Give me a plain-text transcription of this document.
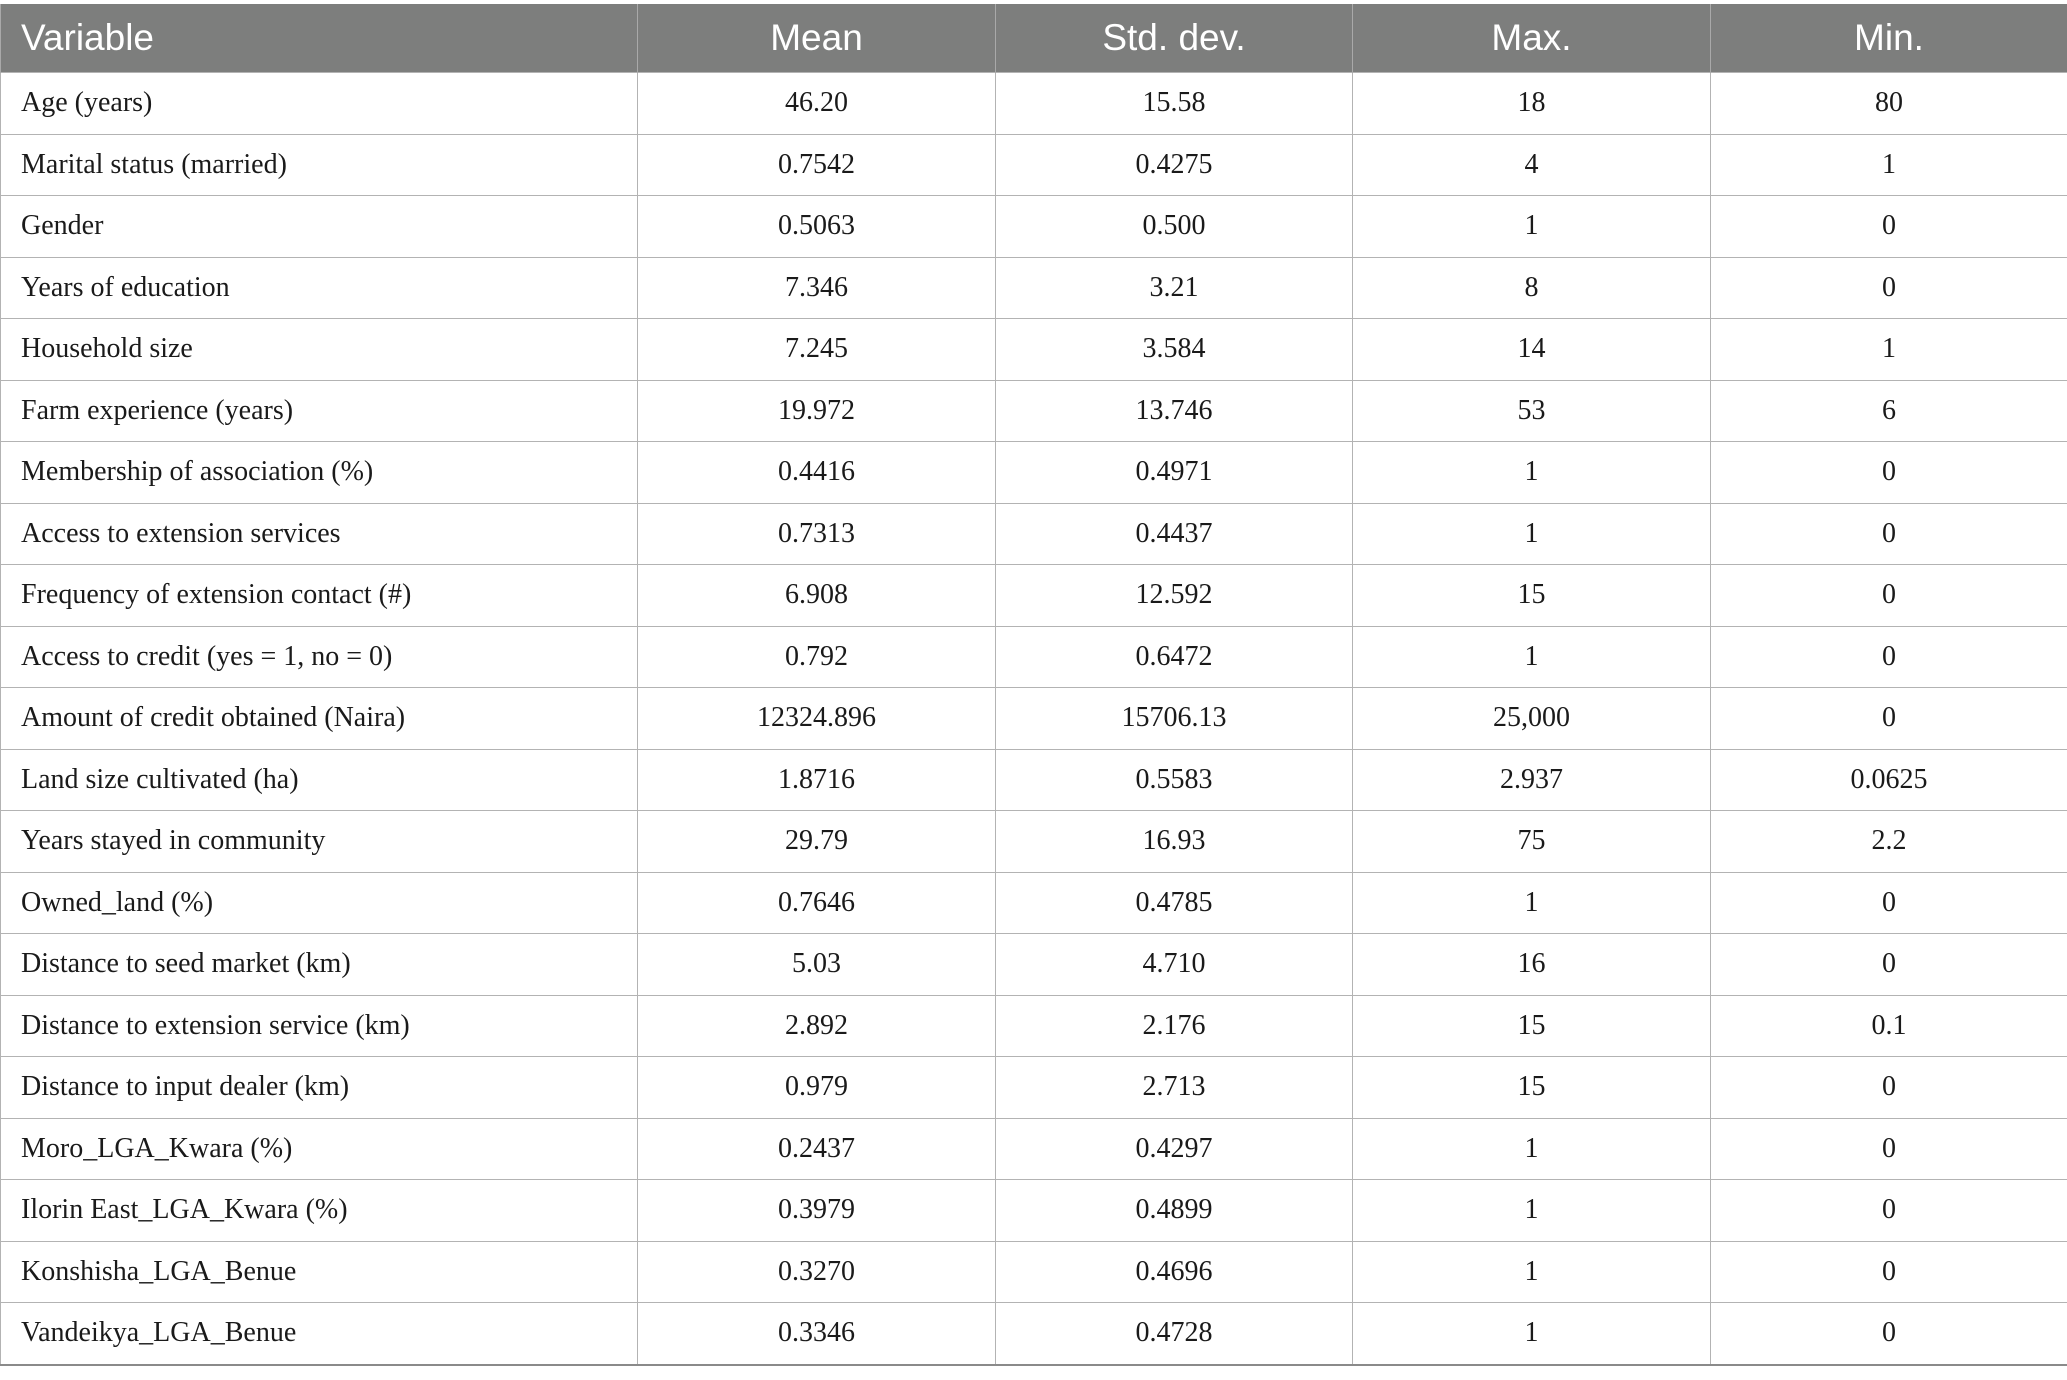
Variable	Mean	Std. dev.	Max.	Min.
Age (years)	46.20	15.58	18	80
Marital status (married)	0.7542	0.4275	4	1
Gender	0.5063	0.500	1	0
Years of education	7.346	3.21	8	0
Household size	7.245	3.584	14	1
Farm experience (years)	19.972	13.746	53	6
Membership of association (%)	0.4416	0.4971	1	0
Access to extension services	0.7313	0.4437	1	0
Frequency of extension contact (#)	6.908	12.592	15	0
Access to credit (yes = 1, no = 0)	0.792	0.6472	1	0
Amount of credit obtained (Naira)	12324.896	15706.13	25,000	0
Land size cultivated (ha)	1.8716	0.5583	2.937	0.0625
Years stayed in community	29.79	16.93	75	2.2
Owned_land (%)	0.7646	0.4785	1	0
Distance to seed market (km)	5.03	4.710	16	0
Distance to extension service (km)	2.892	2.176	15	0.1
Distance to input dealer (km)	0.979	2.713	15	0
Moro_LGA_Kwara (%)	0.2437	0.4297	1	0
Ilorin East_LGA_Kwara (%)	0.3979	0.4899	1	0
Konshisha_LGA_Benue	0.3270	0.4696	1	0
Vandeikya_LGA_Benue	0.3346	0.4728	1	0
